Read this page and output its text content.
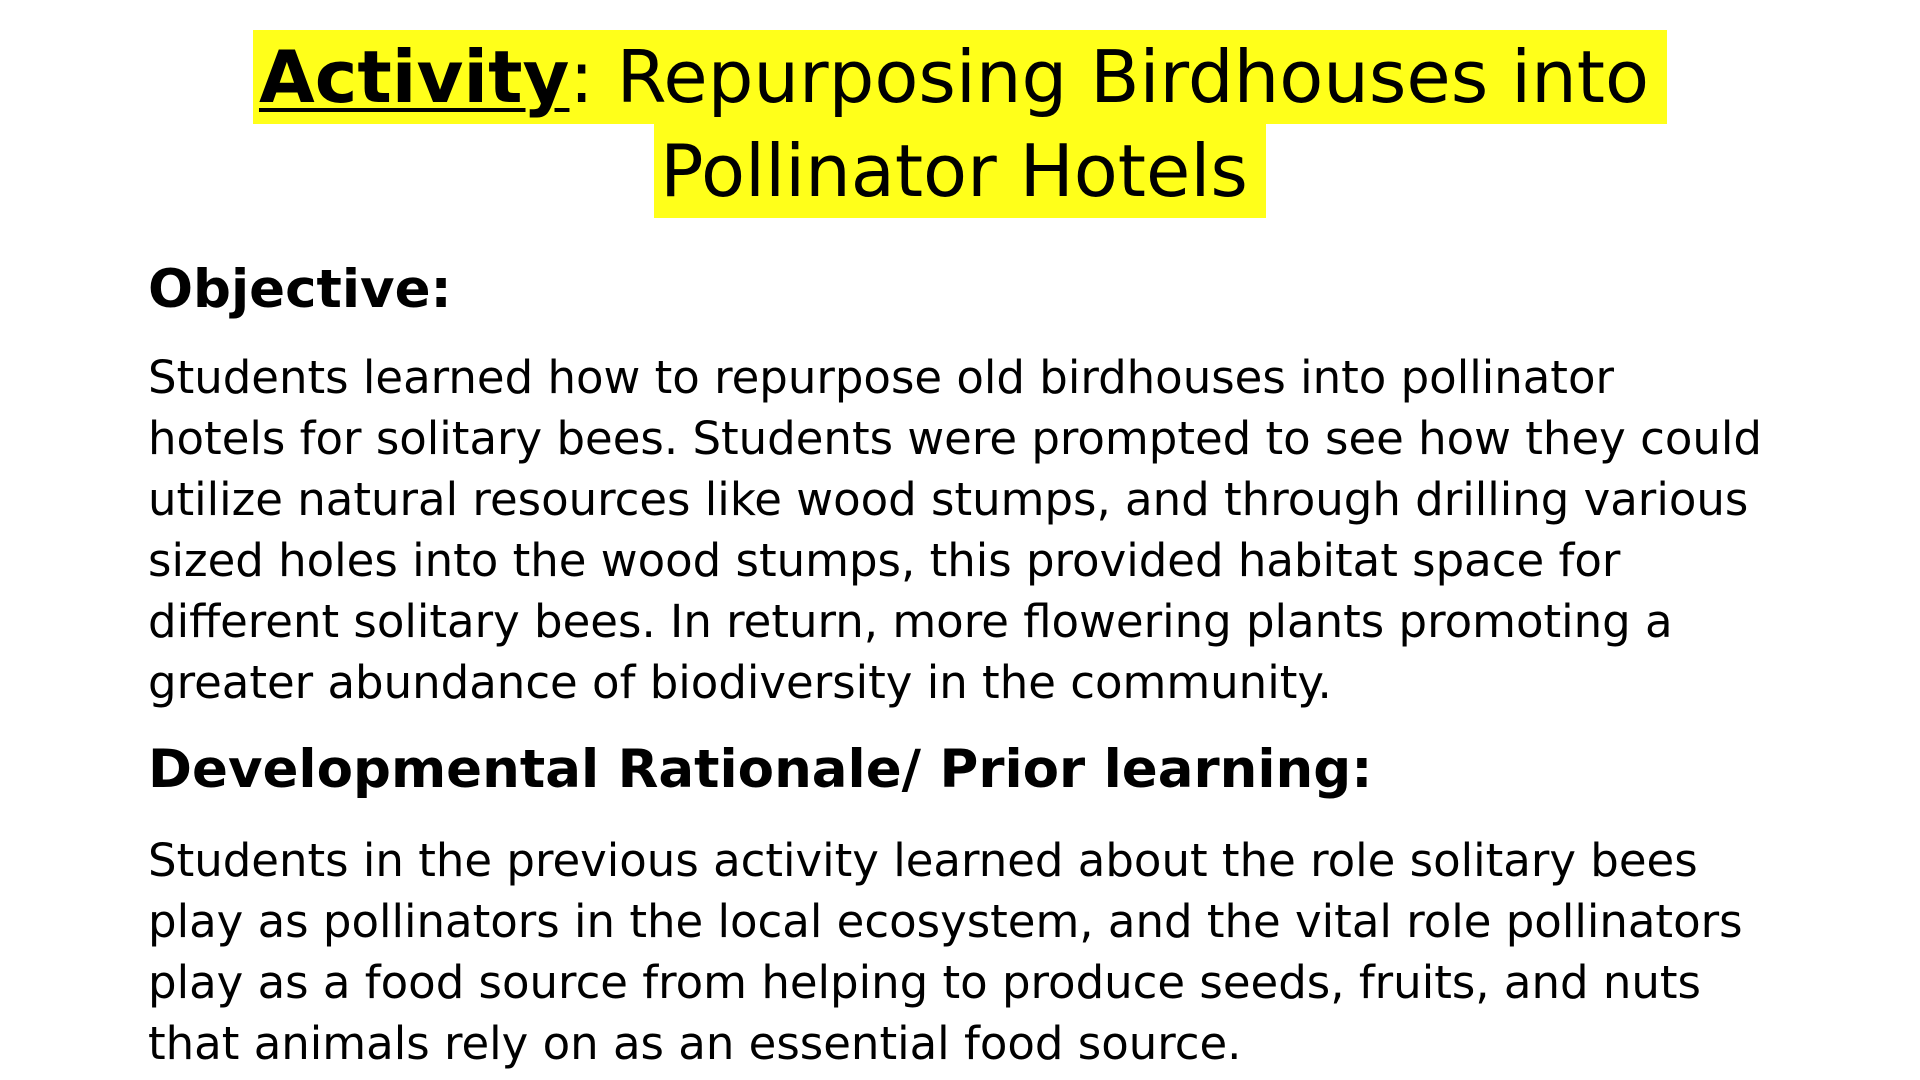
Activity: Repurposing Birdhouses into
Pollinator Hotels
Objective:

Students learned how to repurpose old birdhouses into pollinator
hotels for solitary bees. Students were prompted to see how they could
utilize natural resources like wood stumps, and through drilling various
sized holes into the wood stumps, this provided habitat space for
different solitary bees. In return, more flowering plants promoting a
greater abundance of biodiversity in the community.

Developmental Rationale/ Prior learning:

Students in the previous activity learned about the role solitary bees
play as pollinators in the local ecosystem, and the vital role pollinators
play as a food source from helping to produce seeds, fruits, and nuts
that animals rely on as an essential food source.
